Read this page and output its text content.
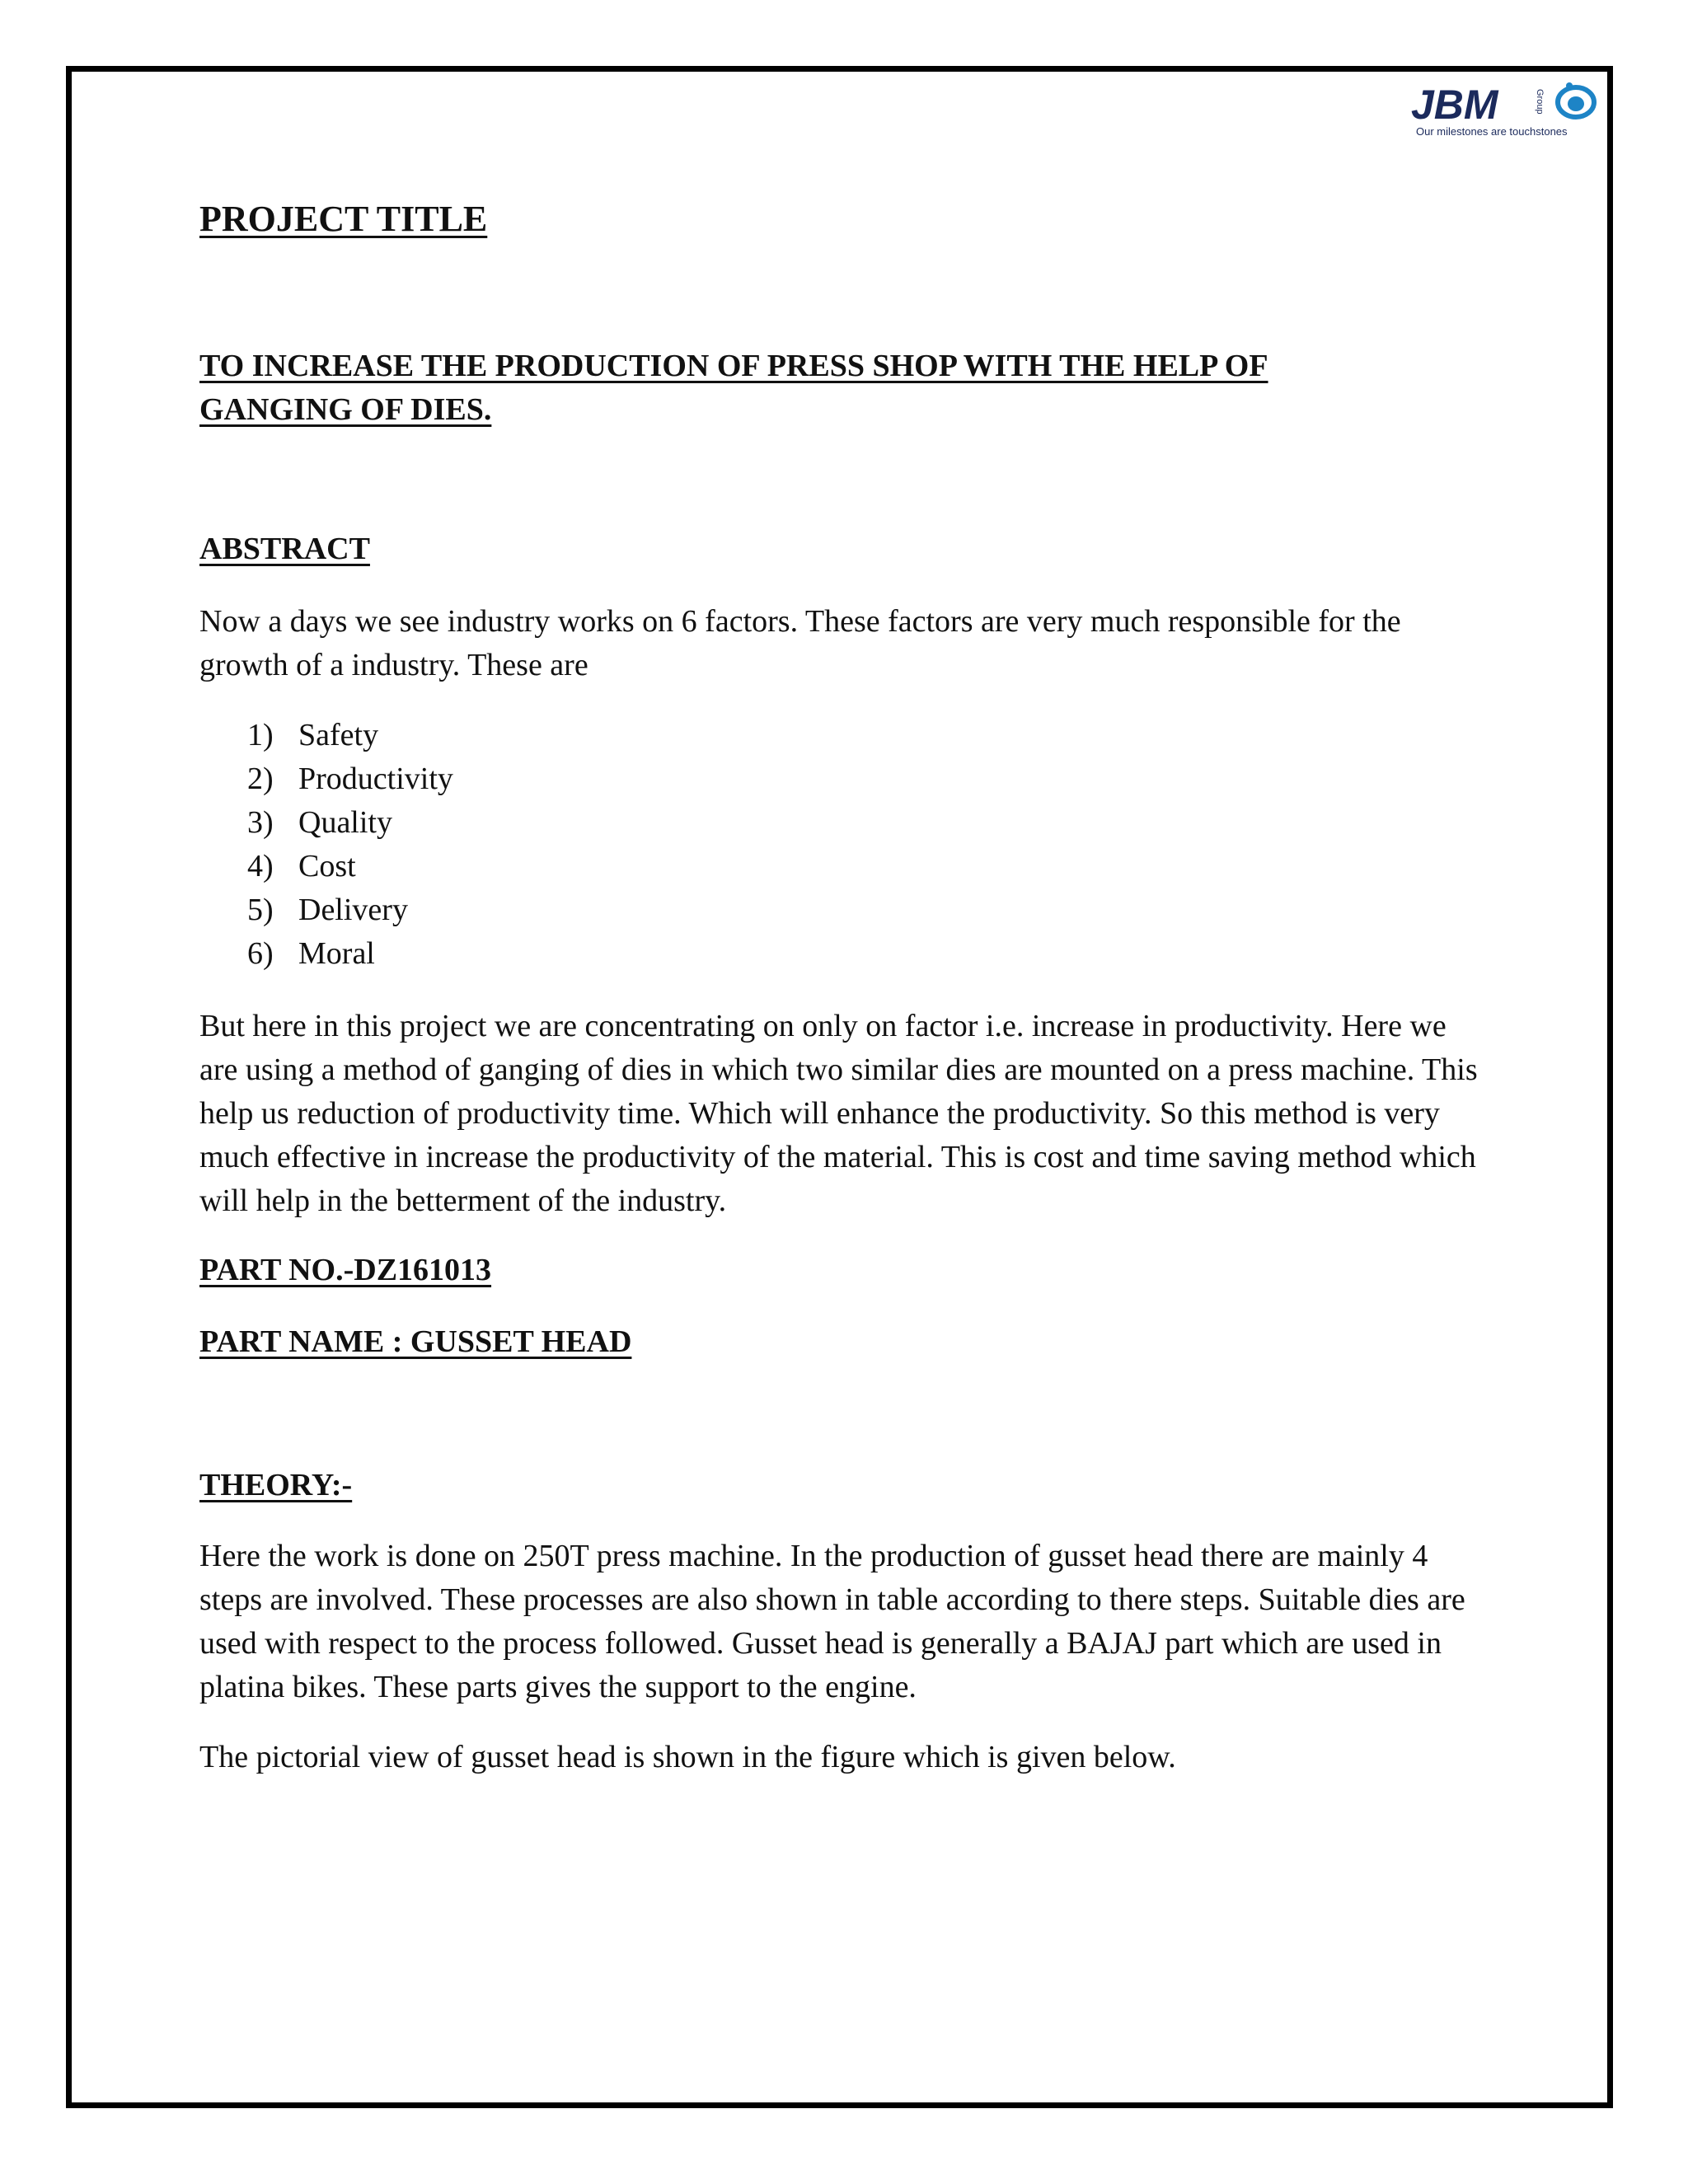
JBM	Group
Our milestones are touchstones
PROJECT TITLE
TO INCREASE THE PRODUCTION OF PRESS SHOP WITH THE HELP OF
GANGING OF DIES.
ABSTRACT

Now a days we see industry works on 6 factors. These factors are very much responsible for the growth of a industry. These are

1) Safety
2) Productivity
3) Quality
4) Cost
5) Delivery
6) Moral

But here in this project we are concentrating on only on factor i.e. increase in productivity. Here we are using a method of ganging of dies in which two similar dies are mounted on a press machine. This help us reduction of productivity time. Which will enhance the productivity. So this method is very much effective in increase the productivity of the material. This is cost and time saving method which will help in the betterment of the industry.

PART NO.-DZ161013
PART NAME : GUSSET HEAD
THEORY:-

Here the work is done on 250T press machine. In the production of gusset head there are mainly 4 steps are involved. These processes are also shown in table according to there steps. Suitable dies are used with respect to the process followed. Gusset head is generally a BAJAJ part which are used in platina bikes. These parts gives the support to the engine.

The pictorial view of gusset head is shown in the figure which is given below.
